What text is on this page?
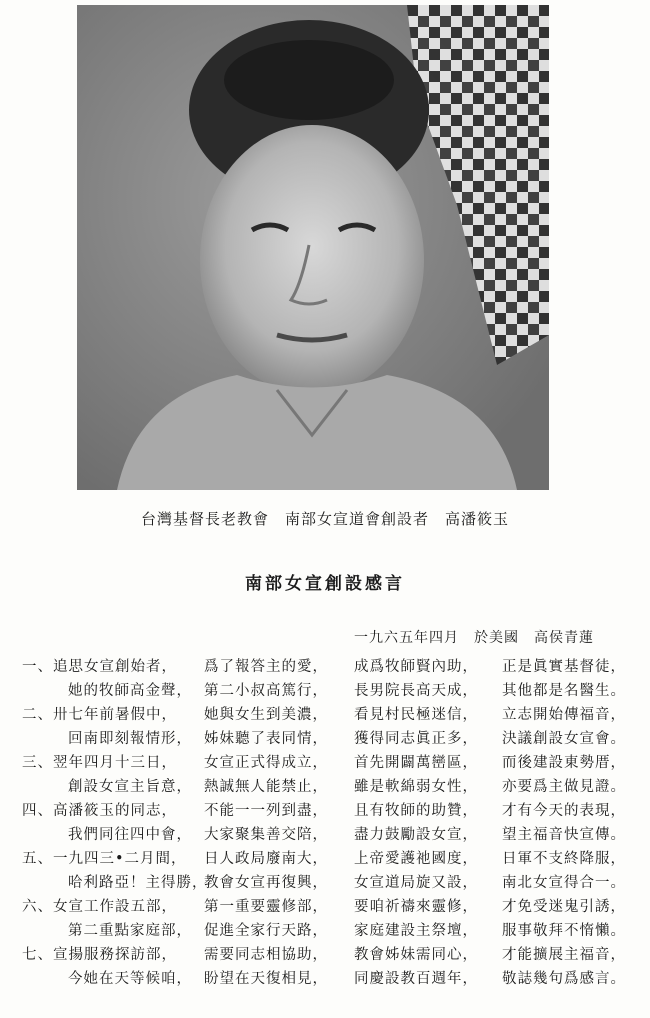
台灣基督長老教會　南部女宣道會創設者　高潘筱玉
南部女宣創設感言
一九六五年四月　 於美國　 高侯青蓮
一、追思女宣創始者，
她的牧師高金聲，
二、卅七年前暑假中，
回南即刻報情形，
三、翌年四月十三日，
創設女宣主旨意，
四、高潘筱玉的同志，
我們同往四中會，
五、一九四三•二月間，
哈利路亞！主得勝，
六、女宣工作設五部，
第二重點家庭部，
七、宣揚服務探訪部，
今她在天等候咱，
爲了報答主的愛，
第二小叔高篤行，
她與女生到美濃，
姊妹聽了表同情，
女宣正式得成立，
熱誠無人能禁止，
不能一一列到盡，
大家聚集善交陪，
日人政局廢南大，
教會女宣再復興，
第一重要靈修部，
促進全家行天路，
需要同志相協助，
盼望在天復相見，
成爲牧師賢內助，
長男院長高天成，
看見村民極迷信，
獲得同志眞正多，
首先開闢萬巒區，
雖是軟綿弱女性，
且有牧師的助贊，
盡力鼓勵設女宣，
上帝愛護祂國度，
女宣道局旋又設，
要咱祈禱來靈修，
家庭建設主祭壇，
教會姊妹需同心，
同慶設教百週年，
正是眞實基督徒，
其他都是名醫生。
立志開始傳福音，
決議創設女宣會。
而後建設東勢厝，
亦要爲主做見證。
才有今天的表現，
望主福音快宣傳。
日軍不支終降服，
南北女宣得合一。
才免受迷鬼引誘，
服事敬拜不惰懶。
才能擴展主福音，
敬誌幾句爲感言。
